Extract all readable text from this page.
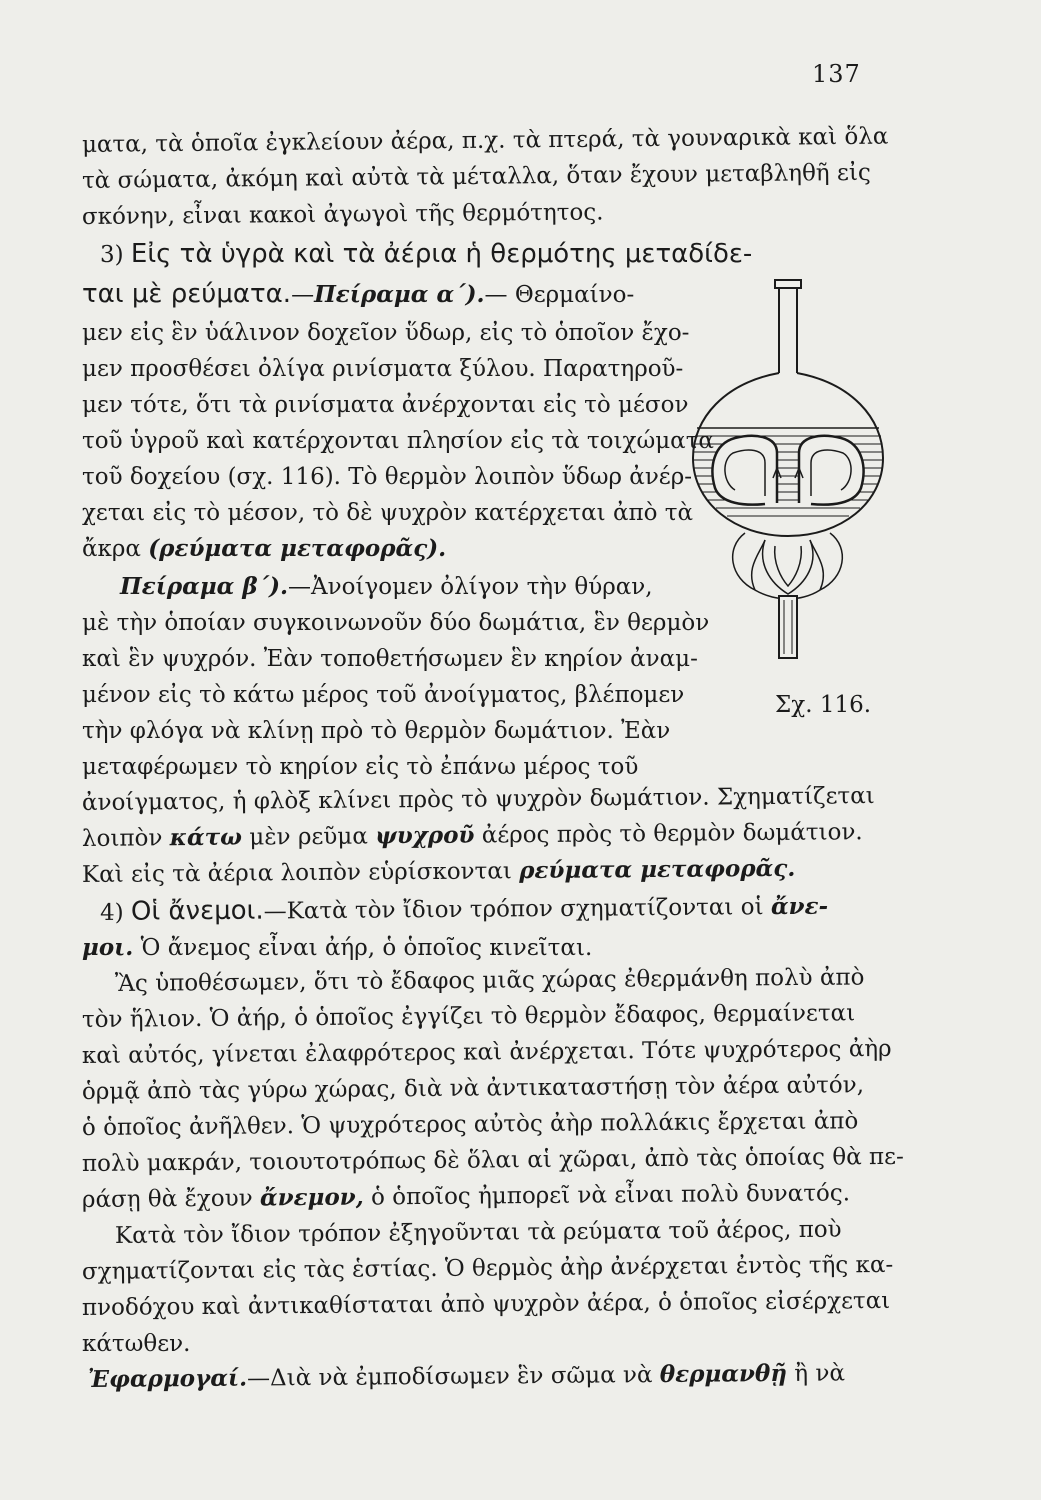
137
ματα, τὰ ὁποῖα ἐγκλείουν ἀέρα, π.χ. τὰ πτερά, τὰ γουναρικὰ καὶ ὅλα
τὰ σώματα, ἀκόμη καὶ αὐτὰ τὰ μέταλλα, ὅταν ἔχουν μεταβληθῆ εἰς
σκόνην, εἶναι κακοὶ ἀγωγοὶ τῆς θερμότητος.
3) Εἰς τὰ ὑγρὰ καὶ τὰ ἀέρια ἡ θερμότης μεταδίδε-
ται μὲ ρεύματα.—Πείραμα α΄).— Θερμαίνο-
μεν εἰς ἓν ὑάλινον δοχεῖον ὕδωρ, εἰς τὸ ὁποῖον ἔχο-
μεν προσθέσει ὀλίγα ρινίσματα ξύλου. Παρατηροῦ-
μεν τότε, ὅτι τὰ ρινίσματα ἀνέρχονται εἰς τὸ μέσον
τοῦ ὑγροῦ καὶ κατέρχονται πλησίον εἰς τὰ τοιχώματα
τοῦ δοχείου (σχ. 116). Τὸ θερμὸν λοιπὸν ὕδωρ ἀνέρ-
χεται εἰς τὸ μέσον, τὸ δὲ ψυχρὸν κατέρχεται ἀπὸ τὰ
ἄκρα (ρεύματα μεταφορᾶς).
Πείραμα β΄).—Ἀνοίγομεν ὀλίγον τὴν θύραν,
μὲ τὴν ὁποίαν συγκοινωνοῦν δύο δωμάτια, ἓν θερμὸν
καὶ ἓν ψυχρόν. Ἐὰν τοποθετήσωμεν ἓν κηρίον ἀναμ-
μένον εἰς τὸ κάτω μέρος τοῦ ἀνοίγματος, βλέπομεν
τὴν φλόγα νὰ κλίνῃ πρὸ τὸ θερμὸν δωμάτιον. Ἐὰν
μεταφέρωμεν τὸ κηρίον εἰς τὸ ἐπάνω μέρος τοῦ
ἀνοίγματος, ἡ φλὸξ κλίνει πρὸς τὸ ψυχρὸν δωμάτιον. Σχηματίζεται
λοιπὸν κάτω μὲν ρεῦμα ψυχροῦ ἀέρος πρὸς τὸ θερμὸν δωμάτιον.
Καὶ εἰς τὰ ἀέρια λοιπὸν εὑρίσκονται ρεύματα μεταφορᾶς.
4) Οἱ ἄνεμοι.—Κατὰ τὸν ἴδιον τρόπον σχηματίζονται οἱ ἄνε-
μοι. Ὁ ἄνεμος εἶναι ἀήρ, ὁ ὁποῖος κινεῖται.
Ἂς ὑποθέσωμεν, ὅτι τὸ ἔδαφος μιᾶς χώρας ἐθερμάνθη πολὺ ἀπὸ
τὸν ἥλιον. Ὁ ἀήρ, ὁ ὁποῖος ἐγγίζει τὸ θερμὸν ἔδαφος, θερμαίνεται
καὶ αὐτός, γίνεται ἐλαφρότερος καὶ ἀνέρχεται. Τότε ψυχρότερος ἀὴρ
ὁρμᾷ ἀπὸ τὰς γύρω χώρας, διὰ νὰ ἀντικαταστήσῃ τὸν ἀέρα αὐτόν,
ὁ ὁποῖος ἀνῆλθεν. Ὁ ψυχρότερος αὐτὸς ἀὴρ πολλάκις ἔρχεται ἀπὸ
πολὺ μακράν, τοιουτοτρόπως δὲ ὅλαι αἱ χῶραι, ἀπὸ τὰς ὁποίας θὰ πε-
ράσῃ θὰ ἔχουν ἄνεμον, ὁ ὁποῖος ἠμπορεῖ νὰ εἶναι πολὺ δυνατός.
Κατὰ τὸν ἴδιον τρόπον ἐξηγοῦνται τὰ ρεύματα τοῦ ἀέρος, ποὺ
σχηματίζονται εἰς τὰς ἑστίας. Ὁ θερμὸς ἀὴρ ἀνέρχεται ἐντὸς τῆς κα-
πνοδόχου καὶ ἀντικαθίσταται ἀπὸ ψυχρὸν ἀέρα, ὁ ὁποῖος εἰσέρχεται
κάτωθεν.
Ἐφαρμογαί.—Διὰ νὰ ἐμποδίσωμεν ἓν σῶμα νὰ θερμανθῇ ἢ νὰ
Σχ. 116.
